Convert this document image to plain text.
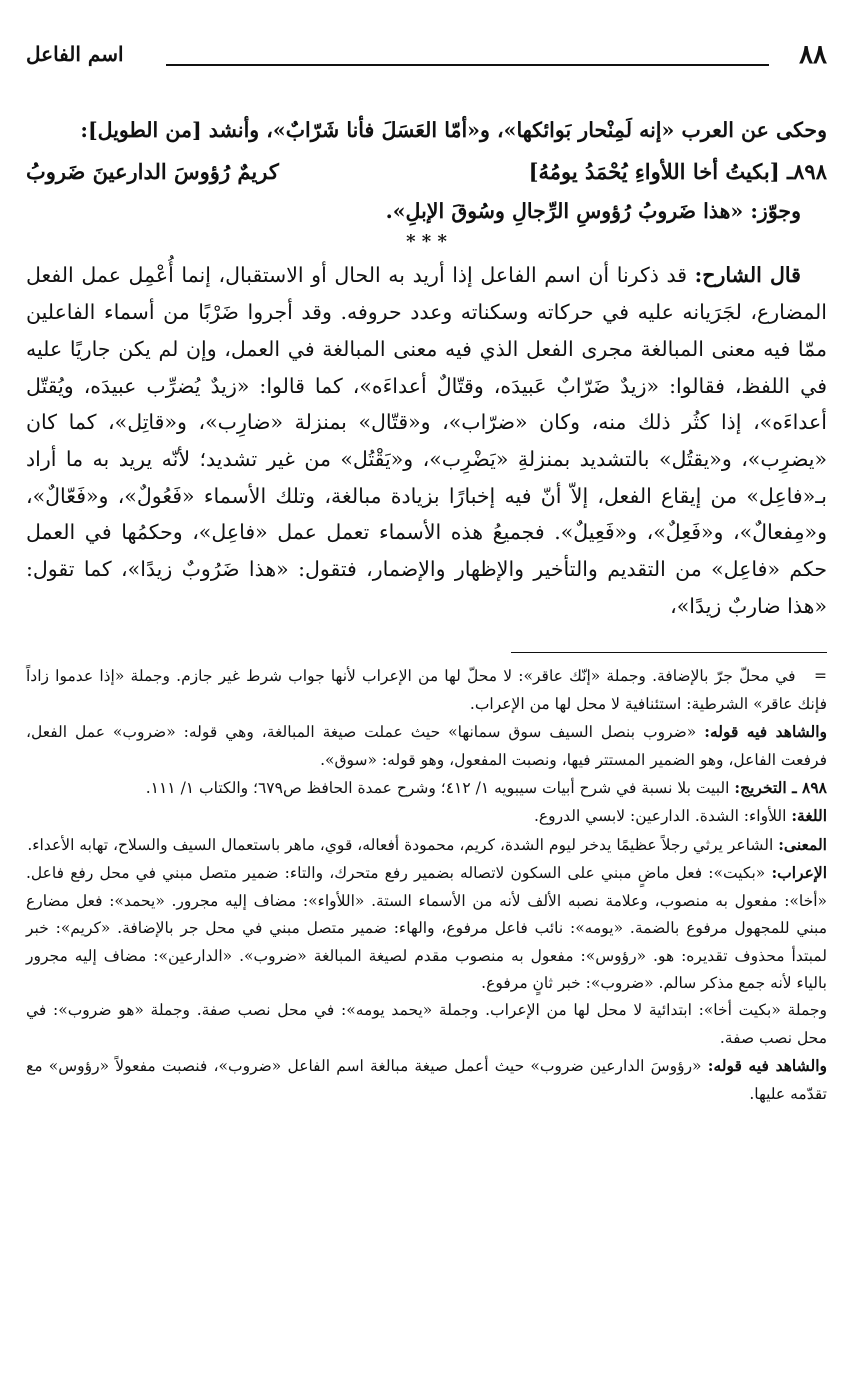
٨٨
اسم الفاعل

وحكى عن العرب «إنه لَمِنْحار بَوائكها»، و«أمّا العَسَلَ فأنا شَرّابٌ»، وأنشد [من الطويل]:

٨٩٨ـ [بكيتُ أخا اللأواءِ يُحْمَدُ يومُهُ]
كريمٌ رُؤوسَ الدارعينَ ضَروبُ

وجوّز: «هذا ضَروبُ رُؤوسِ الرِّجالِ وسُوقَ الإبلِ».

* * *

قال الشارح: قد ذكرنا أن اسم الفاعل إذا أريد به الحال أو الاستقبال، إنما أُعْمِل عمل الفعل المضارع، لجَرَيانه عليه في حركاته وسكناته وعدد حروفه. وقد أجروا ضَرْبًا من أسماء الفاعلين ممّا فيه معنى المبالغة مجرى الفعل الذي فيه معنى المبالغة في العمل، وإن لم يكن جاريًا عليه في اللفظ، فقالوا: «زيدٌ ضَرّابٌ عَبيدَه، وقتّالٌ أعداءَه»، كما قالوا: «زيدٌ يُضرِّب عبيدَه، ويُقتّل أعداءَه»، إذا كثُر ذلك منه، وكان «ضرّاب»، و«قتّال» بمنزلة «ضارِب»، و«قاتِل»، كما كان «يضرِب»، و«يقتُل» بالتشديد بمنزلةِ «يَضْرِب»، و«يَقْتُل» من غير تشديد؛ لأنّه يريد به ما أراد بـ«فاعِل» من إيقاع الفعل، إلاّ أنّ فيه إخبارًا بزيادة مبالغة، وتلك الأسماء «فَعُولٌ»، و«فَعّالٌ»، و«مِفعالٌ»، و«فَعِلٌ»، و«فَعِيلٌ». فجميعُ هذه الأسماء تعمل عمل «فاعِل»، وحكمُها في العمل حكم «فاعِل» من التقديم والتأخير والإظهار والإضمار، فتقول: «هذا ضَرُوبٌ زيدًا»، كما تقول: «هذا ضاربٌ زيدًا»،

=   في محلّ جرّ بالإضافة. وجملة «إنّك عاقر»: لا محلّ لها من الإعراب لأنها جواب شرط غير جازم. وجملة «إذا عدموا زاداً فإنك عاقر» الشرطية: استئنافية لا محل لها من الإعراب.

والشاهد فيه قوله: «ضروب بنصل السيف سوق سمانها» حيث عملت صيغة المبالغة، وهي قوله: «ضروب» عمل الفعل، فرفعت الفاعل، وهو الضمير المستتر فيها، ونصبت المفعول، وهو قوله: «سوق».

٨٩٨ ـ التخريج: البيت بلا نسبة في شرح أبيات سيبويه ١/ ٤١٢؛ وشرح عمدة الحافظ ص٦٧٩؛ والكتاب ١/ ١١١.

اللغة: اللأواء: الشدة. الدارعين: لابسي الدروع.

المعنى: الشاعر يرثي رجلاً عظيمًا يدخر ليوم الشدة، كريم، محمودة أفعاله، قوي، ماهر باستعمال السيف والسلاح، تهابه الأعداء.

الإعراب: «بكيت»: فعل ماضٍ مبني على السكون لاتصاله بضمير رفع متحرك، والتاء: ضمير متصل مبني في محل رفع فاعل. «أخا»: مفعول به منصوب، وعلامة نصبه الألف لأنه من الأسماء الستة. «اللأواء»: مضاف إليه مجرور. «يحمد»: فعل مضارع مبني للمجهول مرفوع بالضمة. «يومه»: نائب فاعل مرفوع، والهاء: ضمير متصل مبني في محل جر بالإضافة. «كريم»: خبر لمبتدأ محذوف تقديره: هو. «رؤوس»: مفعول به منصوب مقدم لصيغة المبالغة «ضروب». «الدارعين»: مضاف إليه مجرور بالياء لأنه جمع مذكر سالم. «ضروب»: خبر ثانٍ مرفوع.

وجملة «بكيت أخا»: ابتدائية لا محل لها من الإعراب. وجملة «يحمد يومه»: في محل نصب صفة. وجملة «هو ضروب»: في محل نصب صفة.

والشاهد فيه قوله: «رؤوسَ الدارعين ضروب» حيث أعمل صيغة مبالغة اسم الفاعل «ضروب»، فنصبت مفعولاً «رؤوس» مع تقدّمه عليها.
